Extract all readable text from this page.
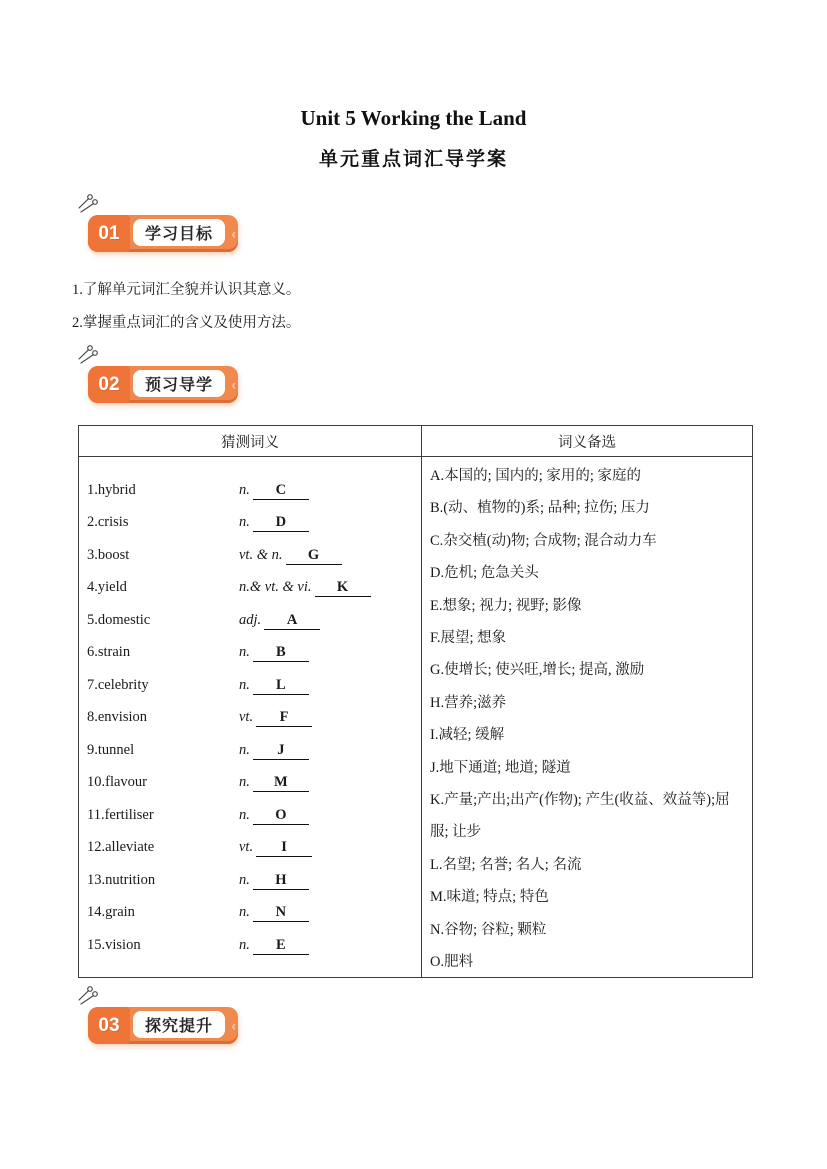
Unit 5 Working the Land
单元重点词汇导学案
01	学习目标
‹
1.了解单元词汇全貌并认识其意义。
2.掌握重点词汇的含义及使用方法。
02	预习导学
‹
猜测词义	词义备选
1.hybrid	n.	C
2.crisis	n.	D
3.boost	vt. & n.	G
4.yield	n.& vt. & vi.	K
5.domestic	adj.	A
6.strain	n.	B
7.celebrity	n.	L
8.envision	vt.	F
9.tunnel	n.	J
10.flavour	n.	M
11.fertiliser	n.	O
12.alleviate	vt.	I
13.nutrition	n.	H
14.grain	n.	N
15.vision	n.	E
A.本国的; 国内的; 家用的; 家庭的
B.(动、植物的)系; 品种; 拉伤; 压力
C.杂交植(动)物; 合成物; 混合动力车
D.危机; 危急关头
E.想象; 视力; 视野; 影像
F.展望; 想象
G.使增长; 使兴旺,增长; 提高, 激励
H.营养;滋养
I.减轻; 缓解
J.地下通道; 地道; 隧道
K.产量;产出;出产(作物); 产生(收益、效益等);屈服; 让步
L.名望; 名誉; 名人; 名流
M.味道; 特点; 特色
N.谷物; 谷粒; 颗粒
O.肥料
03	探究提升
‹
